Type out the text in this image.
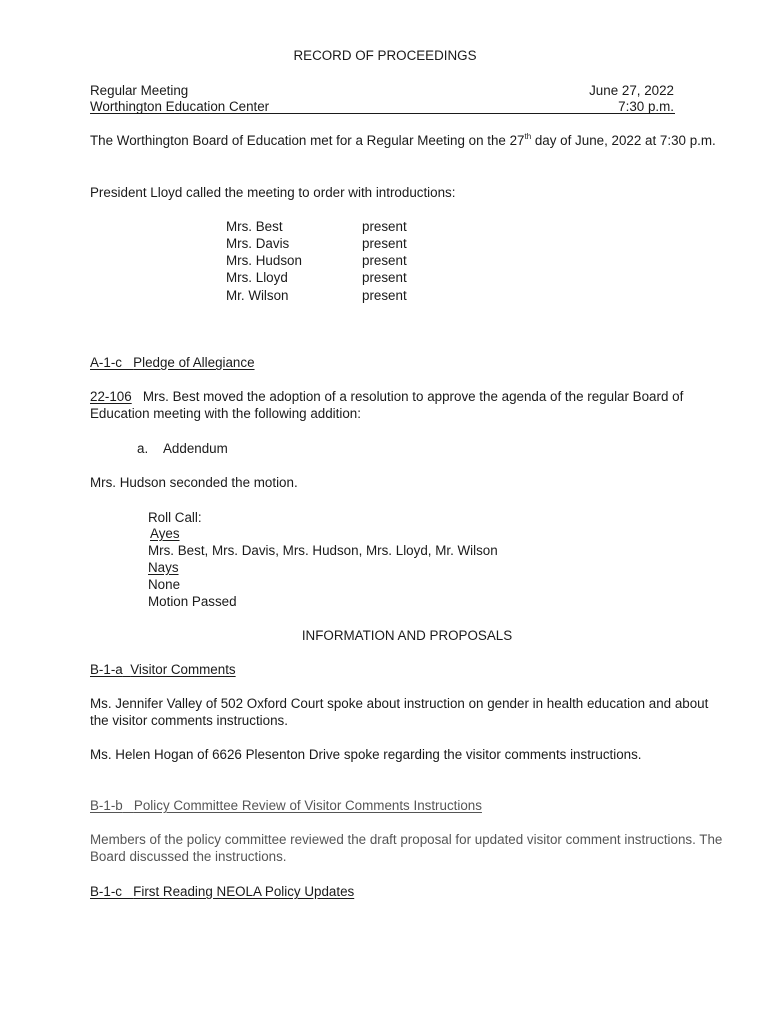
RECORD OF PROCEEDINGS
Regular Meeting	June 27, 2022
Worthington Education Center	7:30 p.m.
The Worthington Board of Education met for a Regular Meeting on the 27th day of June, 2022 at 7:30 p.m.
President Lloyd called the meeting to order with introductions:
Mrs. Best	present
Mrs. Davis	present
Mrs. Hudson	present
Mrs. Lloyd	present
Mr. Wilson	present
A-1-c Pledge of Allegiance
22-106   Mrs. Best moved the adoption of a resolution to approve the agenda of the regular Board of Education meeting with the following addition:
a. Addendum
Mrs. Hudson seconded the motion.
Roll Call:
Ayes
Mrs. Best, Mrs. Davis, Mrs. Hudson, Mrs. Lloyd, Mr. Wilson
Nays
None
Motion Passed
INFORMATION AND PROPOSALS
B-1-a Visitor Comments
Ms. Jennifer Valley of 502 Oxford Court spoke about instruction on gender in health education and about the visitor comments instructions.
Ms. Helen Hogan of 6626 Plesenton Drive spoke regarding the visitor comments instructions.
B-1-b Policy Committee Review of Visitor Comments Instructions
Members of the policy committee reviewed the draft proposal for updated visitor comment instructions. The Board discussed the instructions.
B-1-c First Reading NEOLA Policy Updates
